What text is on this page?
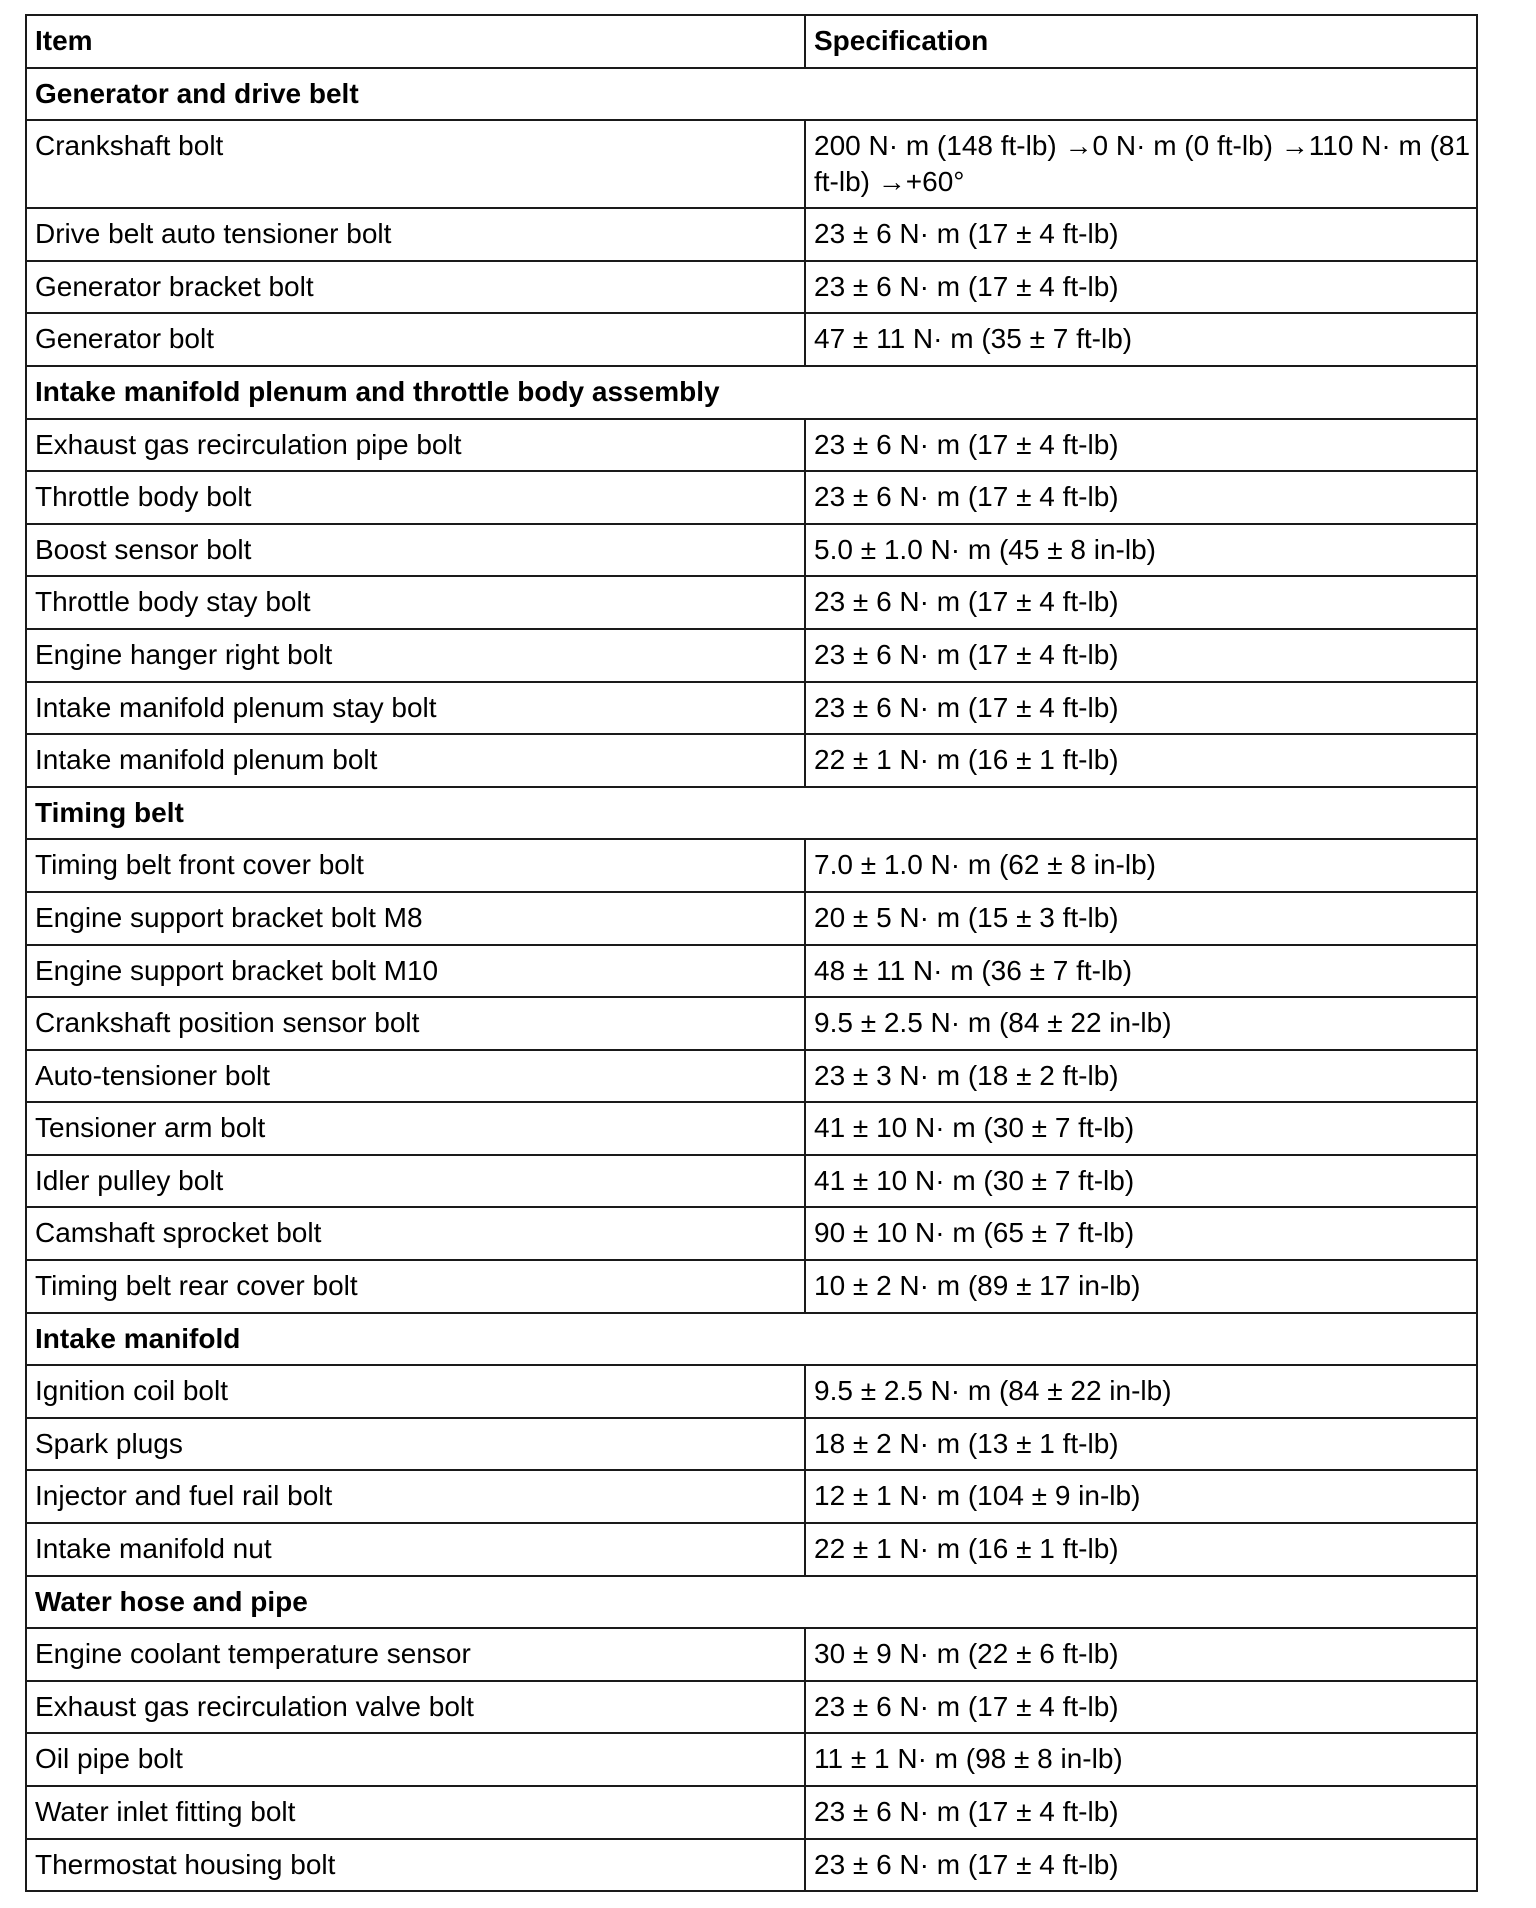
Item	Specification
Generator and drive belt	
Crankshaft bolt	200 N· m (148 ft-lb) →0 N· m (0 ft-lb) →110 N· m (81 ft-lb) →+60°
Drive belt auto tensioner bolt	23 ± 6 N· m (17 ± 4 ft-lb)
Generator bracket bolt	23 ± 6 N· m (17 ± 4 ft-lb)
Generator bolt	47 ± 11 N· m (35 ± 7 ft-lb)
Intake manifold plenum and throttle body assembly	
Exhaust gas recirculation pipe bolt	23 ± 6 N· m (17 ± 4 ft-lb)
Throttle body bolt	23 ± 6 N· m (17 ± 4 ft-lb)
Boost sensor bolt	5.0 ± 1.0 N· m (45 ± 8 in-lb)
Throttle body stay bolt	23 ± 6 N· m (17 ± 4 ft-lb)
Engine hanger right bolt	23 ± 6 N· m (17 ± 4 ft-lb)
Intake manifold plenum stay bolt	23 ± 6 N· m (17 ± 4 ft-lb)
Intake manifold plenum bolt	22 ± 1 N· m (16 ± 1 ft-lb)
Timing belt	
Timing belt front cover bolt	7.0 ± 1.0 N· m (62 ± 8 in-lb)
Engine support bracket bolt M8	20 ± 5 N· m (15 ± 3 ft-lb)
Engine support bracket bolt M10	48 ± 11 N· m (36 ± 7 ft-lb)
Crankshaft position sensor bolt	9.5 ± 2.5 N· m (84 ± 22 in-lb)
Auto-tensioner bolt	23 ± 3 N· m (18 ± 2 ft-lb)
Tensioner arm bolt	41 ± 10 N· m (30 ± 7 ft-lb)
Idler pulley bolt	41 ± 10 N· m (30 ± 7 ft-lb)
Camshaft sprocket bolt	90 ± 10 N· m (65 ± 7 ft-lb)
Timing belt rear cover bolt	10 ± 2 N· m (89 ± 17 in-lb)
Intake manifold	
Ignition coil bolt	9.5 ± 2.5 N· m (84 ± 22 in-lb)
Spark plugs	18 ± 2 N· m (13 ± 1 ft-lb)
Injector and fuel rail bolt	12 ± 1 N· m (104 ± 9 in-lb)
Intake manifold nut	22 ± 1 N· m (16 ± 1 ft-lb)
Water hose and pipe	
Engine coolant temperature sensor	30 ± 9 N· m (22 ± 6 ft-lb)
Exhaust gas recirculation valve bolt	23 ± 6 N· m (17 ± 4 ft-lb)
Oil pipe bolt	11 ± 1 N· m (98 ± 8 in-lb)
Water inlet fitting bolt	23 ± 6 N· m (17 ± 4 ft-lb)
Thermostat housing bolt	23 ± 6 N· m (17 ± 4 ft-lb)
